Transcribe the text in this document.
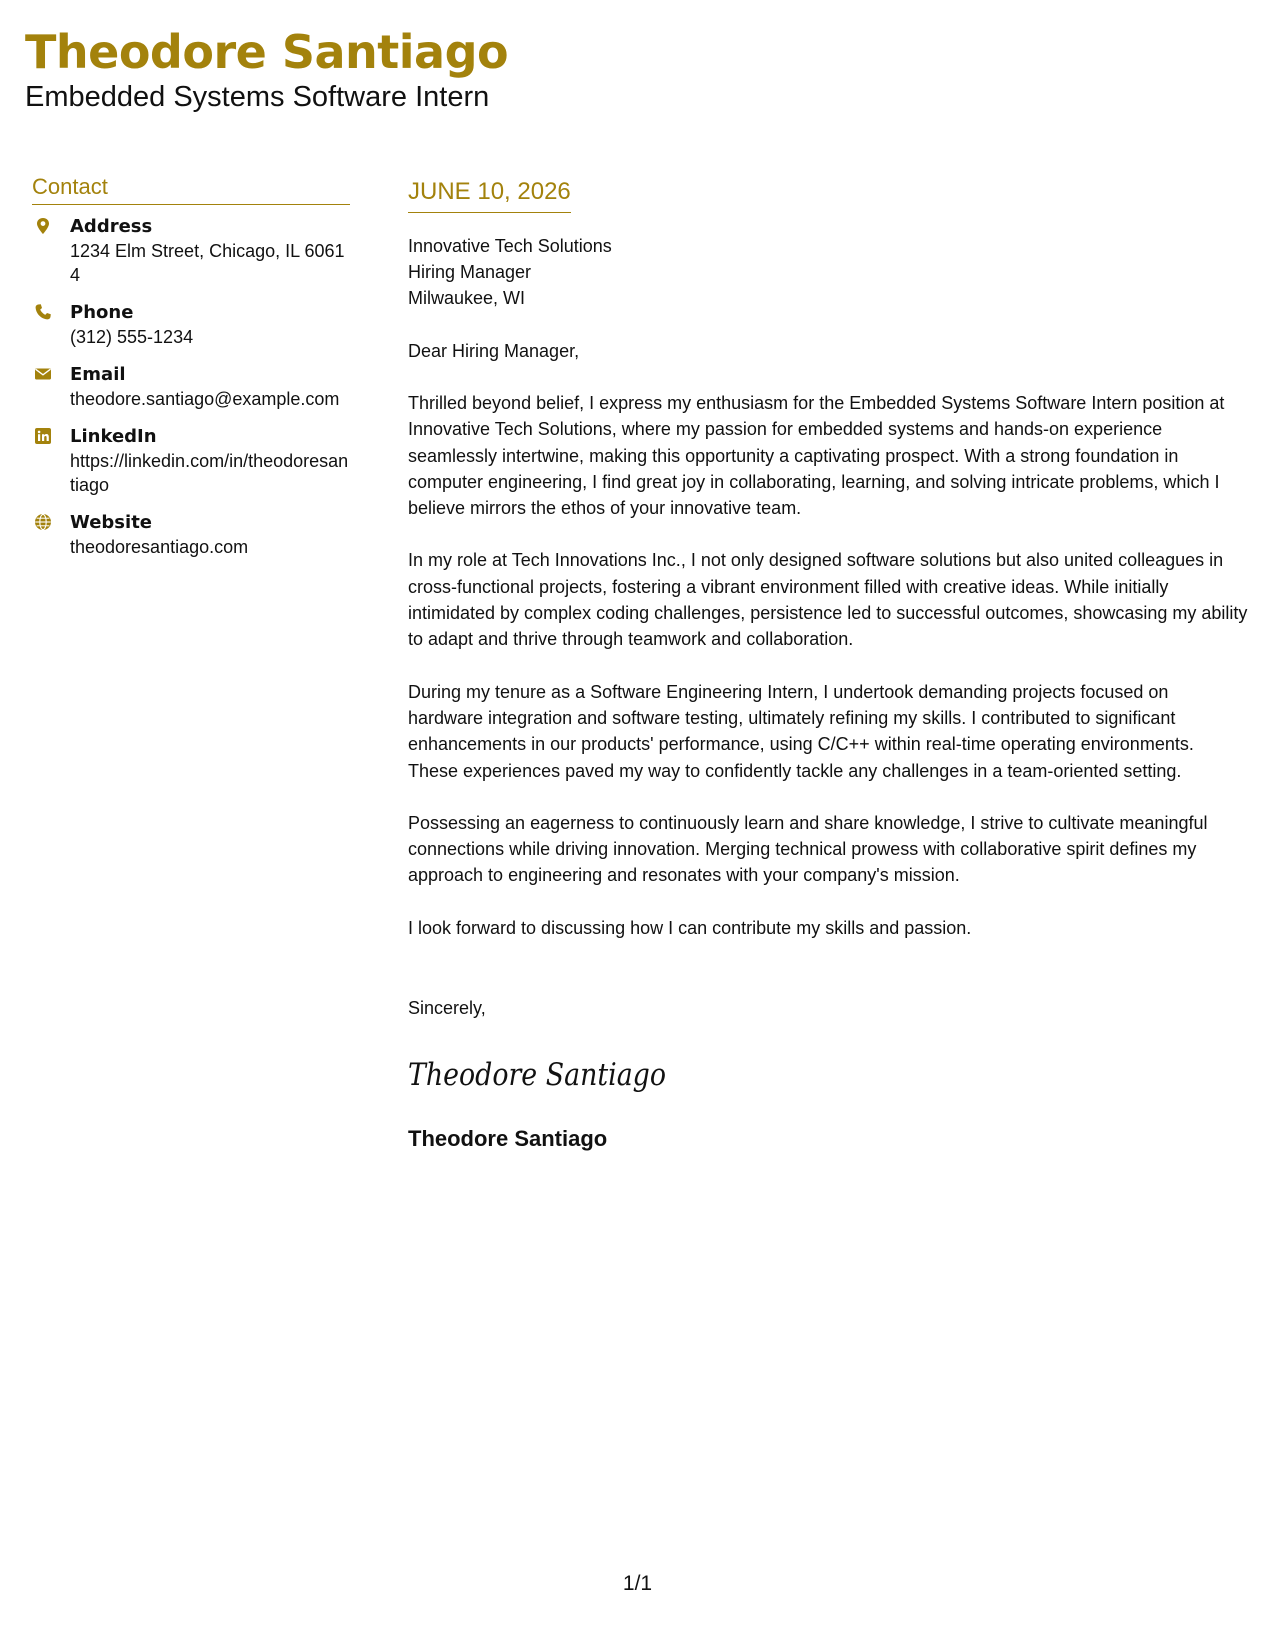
Theodore Santiago
Embedded Systems Software Intern
Contact
Address
1234 Elm Street, Chicago, IL 60614
Phone
(312) 555-1234
Email
theodore.santiago@example.com
LinkedIn
https://linkedin.com/in/theodoresantiago
Website
theodoresantiago.com
JUNE 10, 2026
Innovative Tech Solutions
Hiring Manager
Milwaukee, WI
Dear Hiring Manager,
Thrilled beyond belief, I express my enthusiasm for the Embedded Systems Software Intern position at Innovative Tech Solutions, where my passion for embedded systems and hands-on experience seamlessly intertwine, making this opportunity a captivating prospect. With a strong foundation in computer engineering, I find great joy in collaborating, learning, and solving intricate problems, which I believe mirrors the ethos of your innovative team.
In my role at Tech Innovations Inc., I not only designed software solutions but also united colleagues in cross-functional projects, fostering a vibrant environment filled with creative ideas. While initially intimidated by complex coding challenges, persistence led to successful outcomes, showcasing my ability to adapt and thrive through teamwork and collaboration.
During my tenure as a Software Engineering Intern, I undertook demanding projects focused on hardware integration and software testing, ultimately refining my skills. I contributed to significant enhancements in our products' performance, using C/C++ within real-time operating environments. These experiences paved my way to confidently tackle any challenges in a team-oriented setting.
Possessing an eagerness to continuously learn and share knowledge, I strive to cultivate meaningful connections while driving innovation. Merging technical prowess with collaborative spirit defines my approach to engineering and resonates with your company's mission.
I look forward to discussing how I can contribute my skills and passion.
Sincerely,
Theodore Santiago
Theodore Santiago
1/1
